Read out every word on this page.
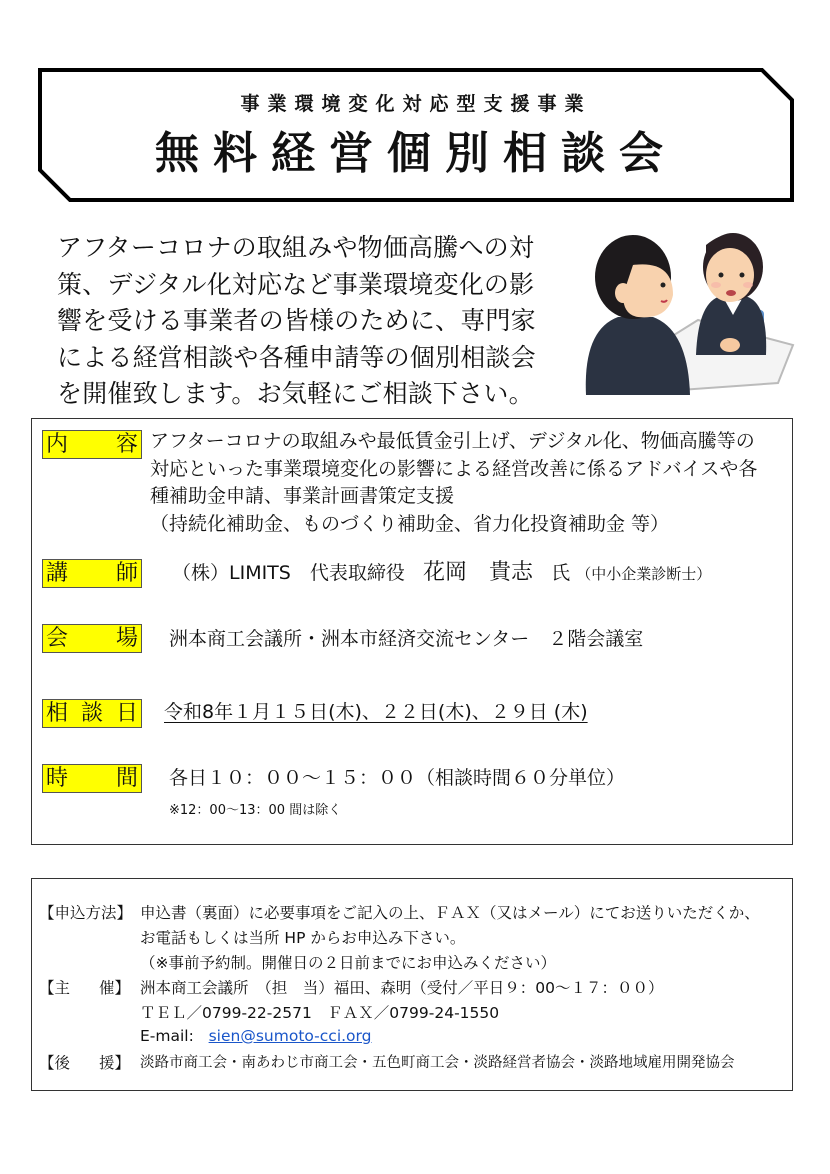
事業環境変化対応型支援事業
無料経営個別相談会
アフターコロナの取組みや物価高騰への対
策、デジタル化対応など事業環境変化の影
響を受ける事業者の皆様のために、専門家
による経営相談や各種申請等の個別相談会
を開催致します。お気軽にご相談下さい。
内 容 アフターコロナの取組みや最低賃金引上げ、デジタル化、物価高騰等の
対応といった事業環境変化の影響による経営改善に係るアドバイスや各
種補助金申請、事業計画書策定支援
（持続化補助金、ものづくり補助金、省力化投資補助金 等）
講 師 （株）LIMITS　代表取締役 花岡　貴志 氏 （中小企業診断士）
会 場 洲本商工会議所・洲本市経済交流センター　２階会議室
相 談 日 令和8年１月１５日(木)、２２日(木)、２９日 (木)
時 間 各日１０：００～１５：００（相談時間６０分単位）
※12：00～13：00 間は除く
【申込方法】 申込書（裏面）に必要事項をご記入の上、ＦＡＸ（又はメール）にてお送りいただくか、
お電話もしくは当所 HP からお申込み下さい。
（※事前予約制。開催日の２日前までにお申込みください）
【主 催】 洲本商工会議所　（担　当）福田、森明（受付／平日９：00～１７：００）
ＴＥＬ／0799-22-2571　ＦＡＸ／0799-24-1550
E-mail: sien@sumoto-cci.org
【後 援】 淡路市商工会・南あわじ市商工会・五色町商工会・淡路経営者協会・淡路地域雇用開発協会
